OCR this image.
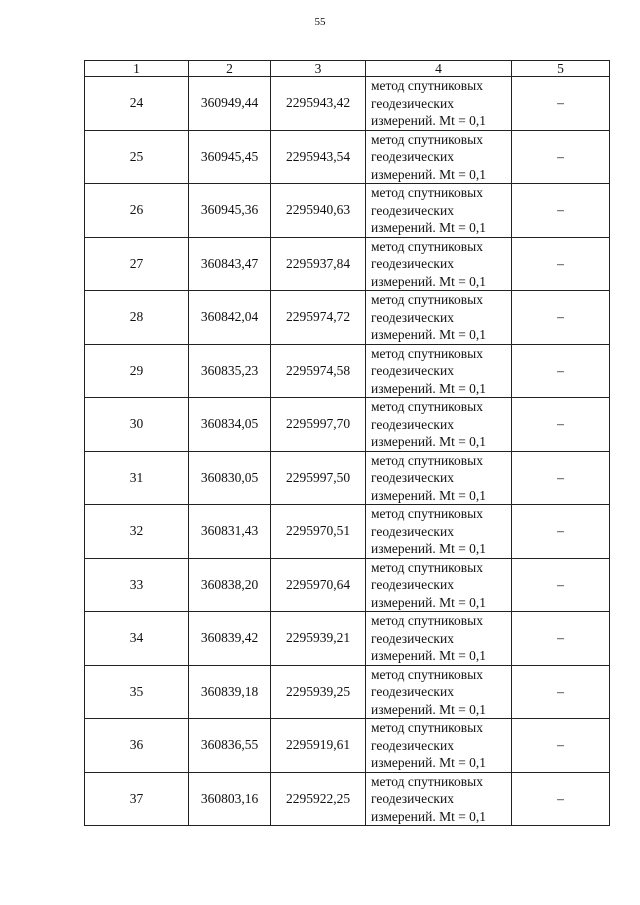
55
1	2	3	4	5
24	360949,44	2295943,42	метод спутниковых
геодезических
измерений. Mt = 0,1	–
25	360945,45	2295943,54	метод спутниковых
геодезических
измерений. Mt = 0,1	–
26	360945,36	2295940,63	метод спутниковых
геодезических
измерений. Mt = 0,1	–
27	360843,47	2295937,84	метод спутниковых
геодезических
измерений. Mt = 0,1	–
28	360842,04	2295974,72	метод спутниковых
геодезических
измерений. Mt = 0,1	–
29	360835,23	2295974,58	метод спутниковых
геодезических
измерений. Mt = 0,1	–
30	360834,05	2295997,70	метод спутниковых
геодезических
измерений. Mt = 0,1	–
31	360830,05	2295997,50	метод спутниковых
геодезических
измерений. Mt = 0,1	–
32	360831,43	2295970,51	метод спутниковых
геодезических
измерений. Mt = 0,1	–
33	360838,20	2295970,64	метод спутниковых
геодезических
измерений. Mt = 0,1	–
34	360839,42	2295939,21	метод спутниковых
геодезических
измерений. Mt = 0,1	–
35	360839,18	2295939,25	метод спутниковых
геодезических
измерений. Mt = 0,1	–
36	360836,55	2295919,61	метод спутниковых
геодезических
измерений. Mt = 0,1	–
37	360803,16	2295922,25	метод спутниковых
геодезических
измерений. Mt = 0,1	–
